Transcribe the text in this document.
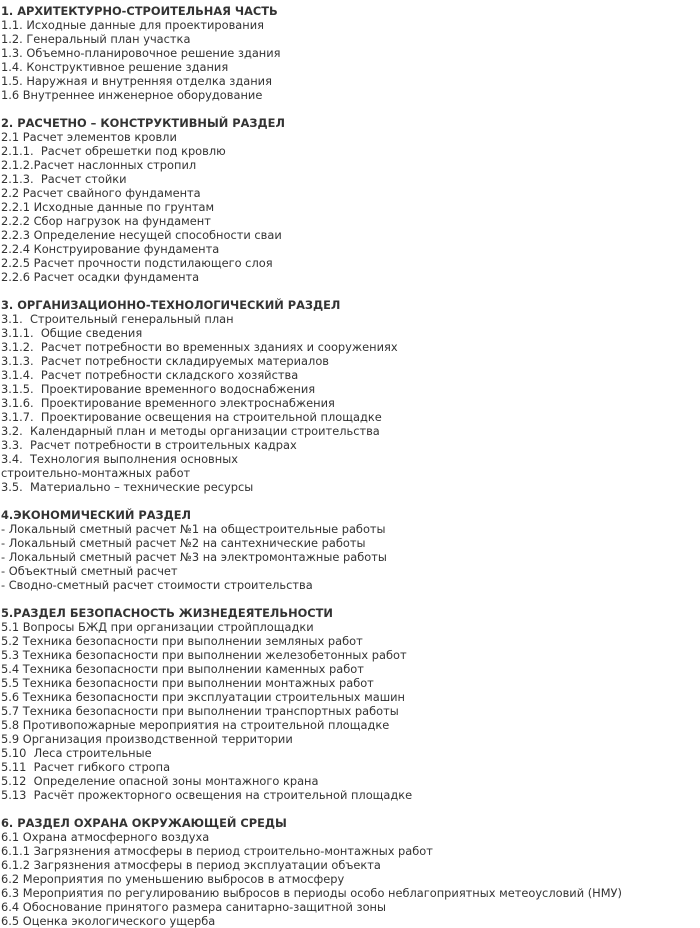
1. АРХИТЕКТУРНО-СТРОИТЕЛЬНАЯ ЧАСТЬ
1.1. Исходные данные для проектирования
1.2. Генеральный план участка
1.3. Объемно-планировочное решение здания
1.4. Конструктивное решение здания
1.5. Наружная и внутренняя отделка здания
1.6 Внутреннее инженерное оборудование
2. РАСЧЕТНО – КОНСТРУКТИВНЫЙ РАЗДЕЛ
2.1 Расчет элементов кровли
2.1.1.  Расчет обрешетки под кровлю
2.1.2.Расчет наслонных стропил
2.1.3.  Расчет стойки
2.2 Расчет свайного фундамента
2.2.1 Исходные данные по грунтам
2.2.2 Сбор нагрузок на фундамент
2.2.3 Определение несущей способности сваи
2.2.4 Конструирование фундамента
2.2.5 Расчет прочности подстилающего слоя
2.2.6 Расчет осадки фундамента
3. ОРГАНИЗАЦИОННО-ТЕХНОЛОГИЧЕСКИЙ РАЗДЕЛ
3.1.  Строительный генеральный план
3.1.1.  Общие сведения
3.1.2.  Расчет потребности во временных зданиях и сооружениях
3.1.3.  Расчет потребности складируемых материалов
3.1.4.  Расчет потребности складского хозяйства
3.1.5.  Проектирование временного водоснабжения
3.1.6.  Проектирование временного электроснабжения
3.1.7.  Проектирование освещения на строительной площадке
3.2.  Календарный план и методы организации строительства
3.3.  Расчет потребности в строительных кадрах
3.4.  Технология выполнения основных
строительно-монтажных работ
3.5.  Материально – технические ресурсы
4.ЭКОНОМИЧЕСКИЙ РАЗДЕЛ
- Локальный сметный расчет №1 на общестроительные работы
- Локальный сметный расчет №2 на сантехнические работы
- Локальный сметный расчет №3 на электромонтажные работы
- Объектный сметный расчет
- Сводно-сметный расчет стоимости строительства
5.РАЗДЕЛ БЕЗОПАСНОСТЬ ЖИЗНЕДЕЯТЕЛЬНОСТИ
5.1 Вопросы БЖД при организации стройплощадки
5.2 Техника безопасности при выполнении земляных работ
5.3 Техника безопасности при выполнении железобетонных работ
5.4 Техника безопасности при выполнении каменных работ
5.5 Техника безопасности при выполнении монтажных работ
5.6 Техника безопасности при эксплуатации строительных машин
5.7 Техника безопасности при выполнении транспортных работы
5.8 Противопожарные мероприятия на строительной площадке
5.9 Организация производственной территории
5.10  Леса строительные
5.11  Расчет гибкого стропа
5.12  Определение опасной зоны монтажного крана
5.13  Расчёт прожекторного освещения на строительной площадке
6. РАЗДЕЛ ОХРАНА ОКРУЖАЮЩЕЙ СРЕДЫ
6.1 Охрана атмосферного воздуха
6.1.1 Загрязнения атмосферы в период строительно-монтажных работ
6.1.2 Загрязнения атмосферы в период эксплуатации объекта
6.2 Мероприятия по уменьшению выбросов в атмосферу
6.3 Мероприятия по регулированию выбросов в периоды особо неблагоприятных метеоусловий (НМУ)
6.4 Обоснование принятого размера санитарно-защитной зоны
6.5 Оценка экологического ущерба
